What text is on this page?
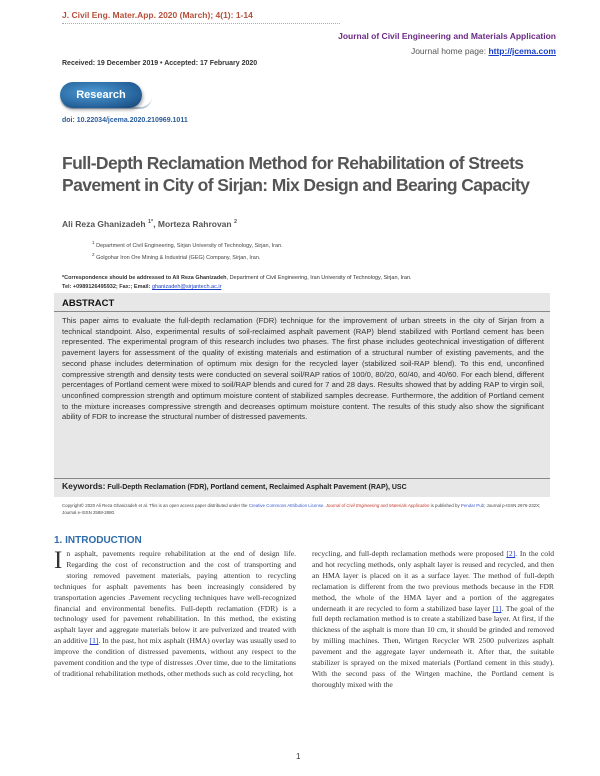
J. Civil Eng. Mater.App. 2020 (March); 4(1): 1-14
Journal of Civil Engineering and Materials Application
Journal home page: http://jcema.com
Received: 19 December 2019 • Accepted: 17 February 2020
Research
doi: 10.22034/jcema.2020.210969.1011
Full-Depth Reclamation Method for Rehabilitation of Streets Pavement in City of Sirjan: Mix Design and Bearing Capacity
Ali Reza Ghanizadeh $^{1*}$, Morteza Rahrovan $^2$
$^1$ Department of Civil Engineering, Sirjan University of Technology, Sirjan, Iran.
$^2$ Golgohar Iron Ore Mining & Industrial (GEG) Company, Sirjan, Iran.
*Correspondence should be addressed to Ali Reza Ghanizadeh, Department of Civil Engineering, Iran University of Technology, Sirjan, Iran.
Tel: +0989126495932; Fax:; Email: ghanizadeh@sirjantech.ac.ir
ABSTRACT
This paper aims to evaluate the full-depth reclamation (FDR) technique for the improvement of urban streets in the city of Sirjan from a technical standpoint. Also, experimental results of soil-reclaimed asphalt pavement (RAP) blend stabilized with Portland cement has been represented. The experimental program of this research includes two phases. The first phase includes geotechnical investigation of different pavement layers for assessment of the quality of existing materials and estimation of a structural number of existing pavements, and the second phase includes determination of optimum mix design for the recycled layer (stabilized soil-RAP blend). To this end, unconfined compressive strength and density tests were conducted on several soil/RAP ratios of 100/0, 80/20, 60/40, and 40/60. For each blend, different percentages of Portland cement were mixed to soil/RAP blends and cured for 7 and 28 days. Results showed that by adding RAP to virgin soil, unconfined compression strength and optimum moisture content of stabilized samples decrease. Furthermore, the addition of Portland cement to the mixture increases compressive strength and decreases optimum moisture content. The results of this study also show the significant ability of FDR to increase the structural number of distressed pavements.
Keywords: Full-Depth Reclamation (FDR), Portland cement, Reclaimed Asphalt Pavement (RAP), USC
Copyright© 2020 Ali Reza Ghanizadeh et al. This is an open access paper distributed under the Creative Commons Attribution License. Journal of Civil Engineering and Materials Application is published by Pendar Pub; Journal p-ISSN 2676-232X; Journal e-ISSN 2588-2880.
1. INTRODUCTION
In asphalt, pavements require rehabilitation at the end of design life. Regarding the cost of reconstruction and the cost of transporting and storing removed pavement materials, paying attention to recycling techniques for asphalt pavements has been increasingly considered by transportation agencies .Pavement recycling techniques have well-recognized financial and environmental benefits. Full-depth reclamation (FDR) is a technology used for pavement rehabilitation. In this method, the existing asphalt layer and aggregate materials below it are pulverized and treated with an additive [1]. In the past, hot mix asphalt (HMA) overlay was usually used to improve the condition of distressed pavements, without any respect to the pavement condition and the type of distresses .Over time, due to the limitations of traditional rehabilitation methods, other methods such as cold recycling, hot
recycling, and full-depth reclamation methods were proposed [2]. In the cold and hot recycling methods, only asphalt layer is reused and recycled, and then an HMA layer is placed on it as a surface layer. The method of full-depth reclamation is different from the two previous methods because in the FDR method, the whole of the HMA layer and a portion of the aggregates underneath it are recycled to form a stabilized base layer [1]. The goal of the full depth reclamation method is to create a stabilized base layer. At first, if the thickness of the asphalt is more than 10 cm, it should be grinded and removed by milling machines. Then, Wirtgen Recycler WR 2500 pulverizes asphalt pavement and the aggregate layer underneath it. After that, the suitable stabilizer is sprayed on the mixed materials (Portland cement in this study). With the second pass of the Wirtgen machine, the Portland cement is thoroughly mixed with the
1
